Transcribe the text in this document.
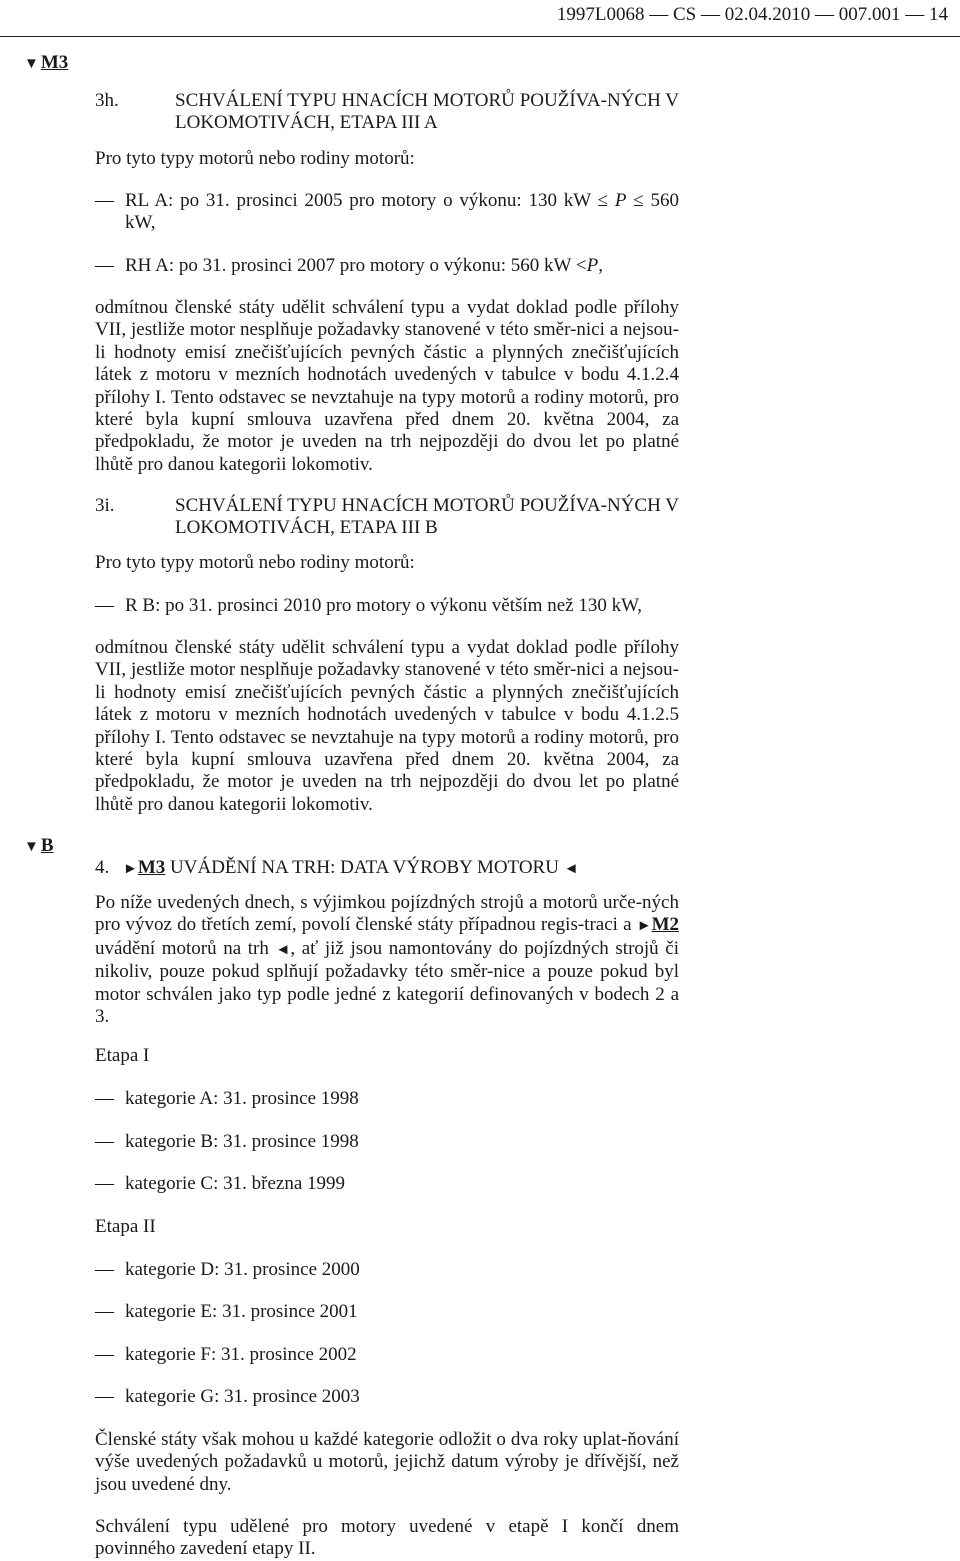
1997L0068 — CS — 02.04.2010 — 007.001 — 14
▼ M3
3h.	SCHVÁLENÍ TYPU HNACÍCH MOTORŮ POUŽÍVA-NÝCH V LOKOMOTIVÁCH, ETAPA III A
Pro tyto typy motorů nebo rodiny motorů:
— RL A: po 31. prosinci 2005 pro motory o výkonu: 130 kW ≤ P ≤ 560 kW,
— RH A: po 31. prosinci 2007 pro motory o výkonu: 560 kW <P,
odmítnou členské státy udělit schválení typu a vydat doklad podle přílohy VII, jestliže motor nesplňuje požadavky stanovené v této směr-nici a nejsou-li hodnoty emisí znečišťujících pevných částic a plynných znečišťujících látek z motoru v mezních hodnotách uvedených v tabulce v bodu 4.1.2.4 přílohy I. Tento odstavec se nevztahuje na typy motorů a rodiny motorů, pro které byla kupní smlouva uzavřena před dnem 20. května 2004, za předpokladu, že motor je uveden na trh nejpozději do dvou let po platné lhůtě pro danou kategorii lokomotiv.
3i.	SCHVÁLENÍ TYPU HNACÍCH MOTORŮ POUŽÍVA-NÝCH V LOKOMOTIVÁCH, ETAPA III B
Pro tyto typy motorů nebo rodiny motorů:
— R B: po 31. prosinci 2010 pro motory o výkonu větším než 130 kW,
odmítnou členské státy udělit schválení typu a vydat doklad podle přílohy VII, jestliže motor nesplňuje požadavky stanovené v této směr-nici a nejsou-li hodnoty emisí znečišťujících pevných částic a plynných znečišťujících látek z motoru v mezních hodnotách uvedených v tabulce v bodu 4.1.2.5 přílohy I. Tento odstavec se nevztahuje na typy motorů a rodiny motorů, pro které byla kupní smlouva uzavřena před dnem 20. května 2004, za předpokladu, že motor je uveden na trh nejpozději do dvou let po platné lhůtě pro danou kategorii lokomotiv.
▼ B
4. ►M3 UVÁDĚNÍ NA TRH: DATA VÝROBY MOTORU ◄
Po níže uvedených dnech, s výjimkou pojízdných strojů a motorů urče-ných pro vývoz do třetích zemí, povolí členské státy případnou regis-traci a ►M2 uvádění motorů na trh ◄, ať již jsou namontovány do pojízdných strojů či nikoliv, pouze pokud splňují požadavky této směr-nice a pouze pokud byl motor schválen jako typ podle jedné z kategorií definovaných v bodech 2 a 3.
Etapa I
— kategorie A: 31. prosince 1998
— kategorie B: 31. prosince 1998
— kategorie C: 31. března 1999
Etapa II
— kategorie D: 31. prosince 2000
— kategorie E: 31. prosince 2001
— kategorie F: 31. prosince 2002
— kategorie G: 31. prosince 2003
Členské státy však mohou u každé kategorie odložit o dva roky uplat-ňování výše uvedených požadavků u motorů, jejichž datum výroby je dřívější, než jsou uvedené dny.
Schválení typu udělené pro motory uvedené v etapě I končí dnem povinného zavedení etapy II.
